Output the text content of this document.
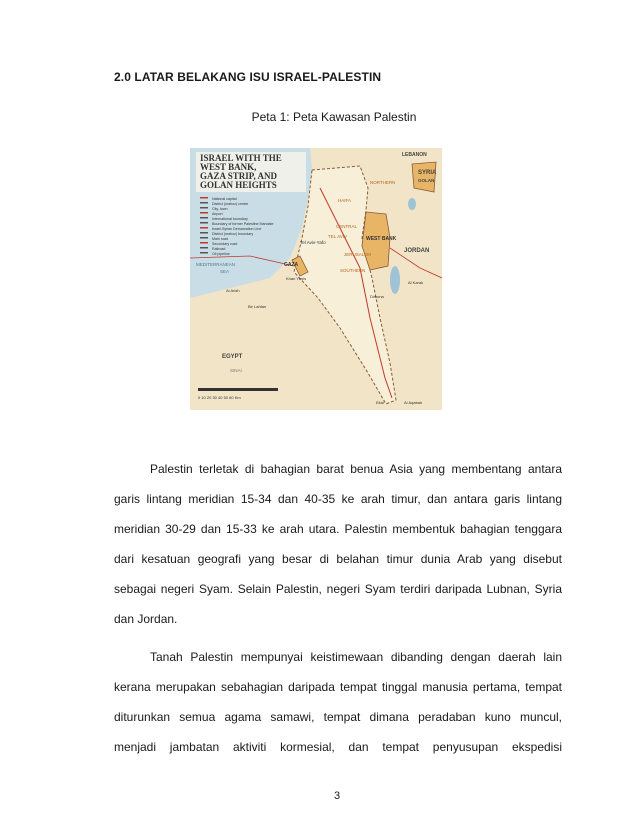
2.0 LATAR BELAKANG ISU ISRAEL-PALESTIN
Peta 1: Peta Kawasan Palestin
ISRAEL WITH THE
WEST BANK,
GAZA STRIP, AND
GOLAN HEIGHTS
National capital
District (mahoz) centre
City, town
Airport
International boundary
Boundary of former Palestine Mandate
Israel-Syrian Demarcation Line
District (mahoz) boundary
Main road
Secondary road
Railroad
Oil pipeline
LEBANON
SYRIA
GOLAN
NORTHERN
HAIFA
CENTRAL
TEL AVIV
Tel Aviv-Yafo
WEST BANK
JERUSALEM
GAZA
Khan Yunis
SOUTHERN
JORDAN
MEDITERRANEAN
SEA
Al Arish
Bir Lahfan
Dimona
Al Karak
EGYPT
SINAI
Eilat	Al Aqabah
0 10 20 30 40 50 60 Km
Palestin terletak di bahagian barat benua Asia yang membentang antara
garis lintang meridian 15-34 dan 40-35 ke arah timur, dan antara garis lintang
meridian 30-29 dan 15-33 ke arah utara. Palestin membentuk bahagian tenggara
dari kesatuan geografi yang besar di belahan timur dunia Arab yang disebut
sebagai negeri Syam. Selain Palestin, negeri Syam terdiri daripada Lubnan, Syria
dan Jordan.
Tanah Palestin mempunyai keistimewaan dibanding dengan daerah lain
kerana merupakan sebahagian daripada tempat tinggal manusia pertama, tempat
diturunkan semua agama samawi, tempat dimana peradaban kuno muncul,
menjadi jambatan aktiviti kormesial, dan tempat penyusupan ekspedisi
3
